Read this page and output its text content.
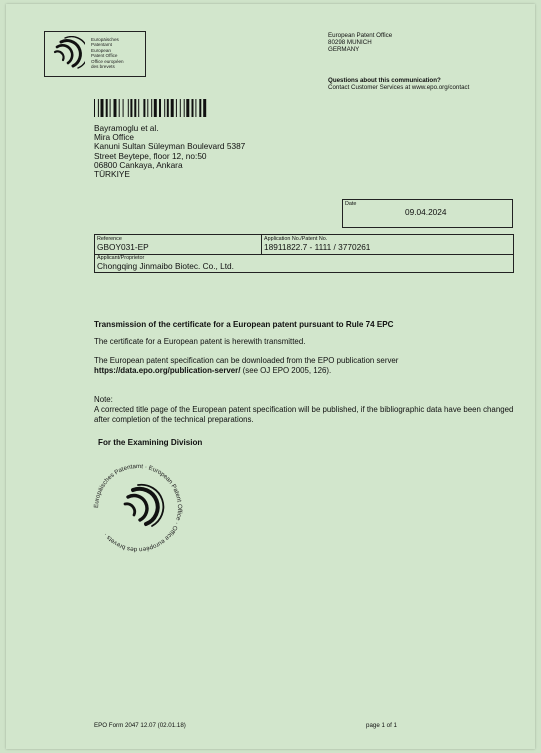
Europäisches
Patentamt
European
Patent Office
Office européen
des brevets
European Patent Office
80298 MUNICH
GERMANY
Questions about this communication?
Contact Customer Services at www.epo.org/contact
Bayramoglu et al.
Mira Office
Kanuni Sultan Süleyman Boulevard 5387
Street Beytepe, floor 12, no:50
06800 Cankaya, Ankara
TÜRKIYE
Date
09.04.2024
Reference
GBOY031-EP
Application No./Patent No.
18911822.7 - 1111 / 3770261
Applicant/Proprietor
Chongqing Jinmaibo Biotec. Co., Ltd.
Transmission of the certificate for a European patent pursuant to Rule 74 EPC
The certificate for a European patent is herewith transmitted.
The European patent specification can be downloaded from the EPO publication server
https://data.epo.org/publication-server/ (see OJ EPO 2005, 126).
Note:
A corrected title page of the European patent specification will be published, if the bibliographic data have been changed after completion of the technical preparations.
For the Examining Division
Europäisches Patentamt · European Patent Office · Office européen des brevets ·
EPO Form 2047 12.07 (02.01.18)	page 1 of 1
